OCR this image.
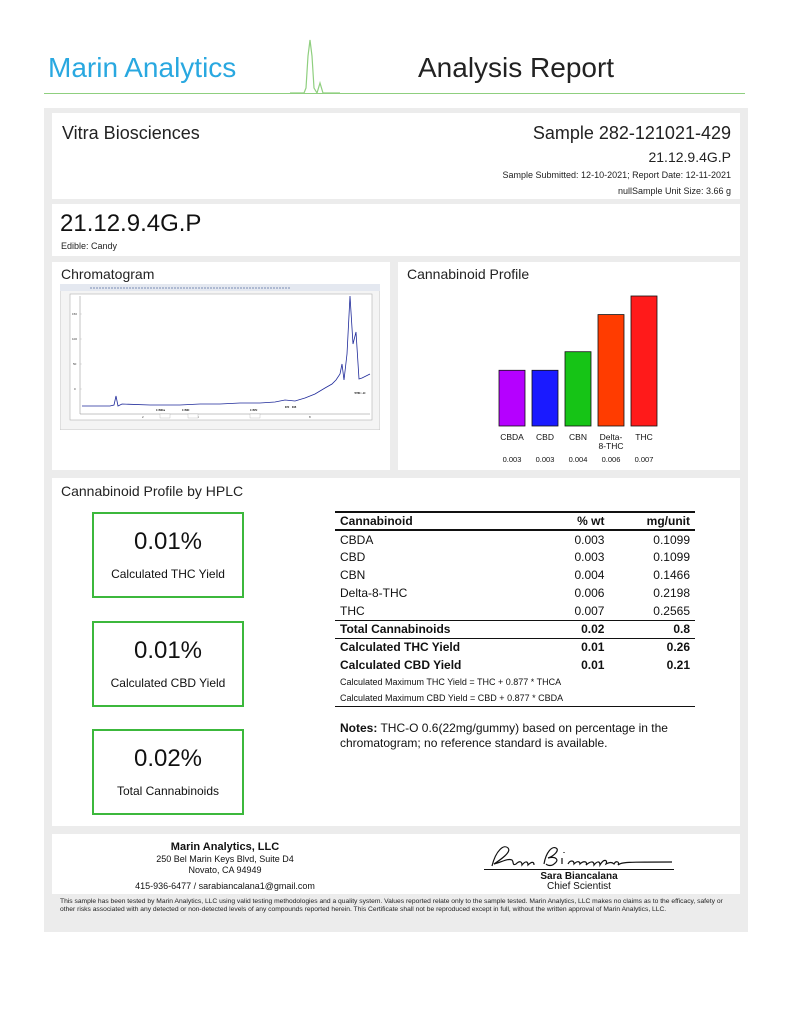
Marin Analytics	Analysis Report
Vitra Biosciences	Sample 282-121021-429
21.12.9.4G.P
Sample Submitted: 12-10-2021; Report Date: 12-11-2021
nullSample Unit Size: 3.66 g
21.12.9.4G.P
Edible: Candy
Chromatogram
150
100
50
0
2	8
CBDa	CBD	CBN
D9 D8
THC-O
Cannabinoid Profile
CBDA
0.003
CBD
0.003
CBN
0.004
Delta-
8-THC
0.006
THC
0.007
Cannabinoid Profile by HPLC
0.01%
Calculated THC Yield
0.01%
Calculated CBD Yield
0.02%
Total Cannabinoids
Cannabinoid	% wt	mg/unit
CBDA	0.003	0.1099
CBD	0.003	0.1099
CBN	0.004	0.1466
Delta-8-THC	0.006	0.2198
THC	0.007	0.2565
Total Cannabinoids	0.02	0.8
Calculated THC Yield	0.01	0.26
Calculated CBD Yield	0.01	0.21
Calculated Maximum THC Yield = THC + 0.877 * THCA		
Calculated Maximum CBD Yield = CBD + 0.877 * CBDA		
Notes: THC-O 0.6(22mg/gummy) based on percentage in the chromatogram; no reference standard is available.
Marin Analytics, LLC
250 Bel Marin Keys Blvd, Suite D4
Novato, CA 94949
415-936-6477 / sarabiancalana1@gmail.com
Sara Biancalana
Chief Scientist
This sample has been tested by Marin Analytics, LLC using valid testing methodologies and a quality system. Values reported relate only to the sample tested. Marin Analytics, LLC makes no claims as to the efficacy, safety or other risks associated with any detected or non-detected levels of any compounds reported herein. This Certificate shall not be reproduced except in full, without the written approval of Marin Analytics, LLC.
